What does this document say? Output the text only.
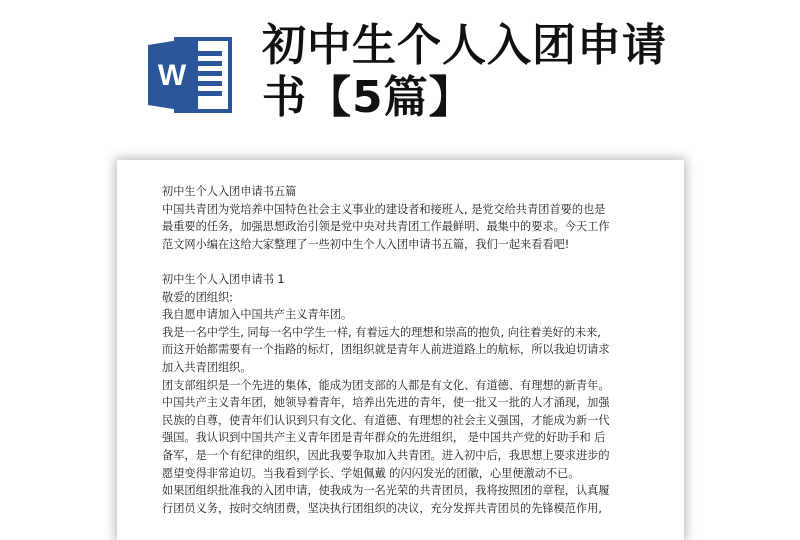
W
初中生个人入团申请
书【5篇】

初中生个人入团申请书五篇

中国共青团为党培养中国特色社会主义事业的建设者和接班人, 是党交给共青团首要的也是

最重要的任务，加强思想政治引领是党中央对共青团工作最鲜明、最集中的要求。今天工作

范文网小编在这给大家整理了一些初中生个人入团申请书五篇，我们一起来看看吧!

初中生个人入团申请书 1

敬爱的团组织:

我自愿申请加入中国共产主义青年团。

我是一名中学生, 同每一名中学生一样, 有着远大的理想和崇高的抱负, 向往着美好的未来,

而这开始都需要有一个指路的标灯，团组织就是青年人前进道路上的航标，所以我迫切请求

加入共青团组织。

团支部组织是一个先进的集体，能成为团支部的人都是有文化、有道德、有理想的新青年。

中国共产主义青年团，她领导着青年，培养出先进的青年，使一批又一批的人才涌现，加强

民族的自尊，使青年们认识到只有文化、有道德、有理想的社会主义强国，才能成为新一代

强国。我认识到中国共产主义青年团是青年群众的先进组织， 是中国共产党的好助手和 后

备军，是一个有纪律的组织，因此我要争取加入共青团。进入初中后，我思想上要求进步的

愿望变得非常迫切。当我看到学长、学姐佩戴 的闪闪发光的团徽，心里便激动不已。

如果团组织批准我的入团申请，使我成为一名光荣的共青团员，我将按照团的章程，认真履

行团员义务，按时交纳团费，坚决执行团组织的决议，充分发挥共青团员的先锋模范作用,
